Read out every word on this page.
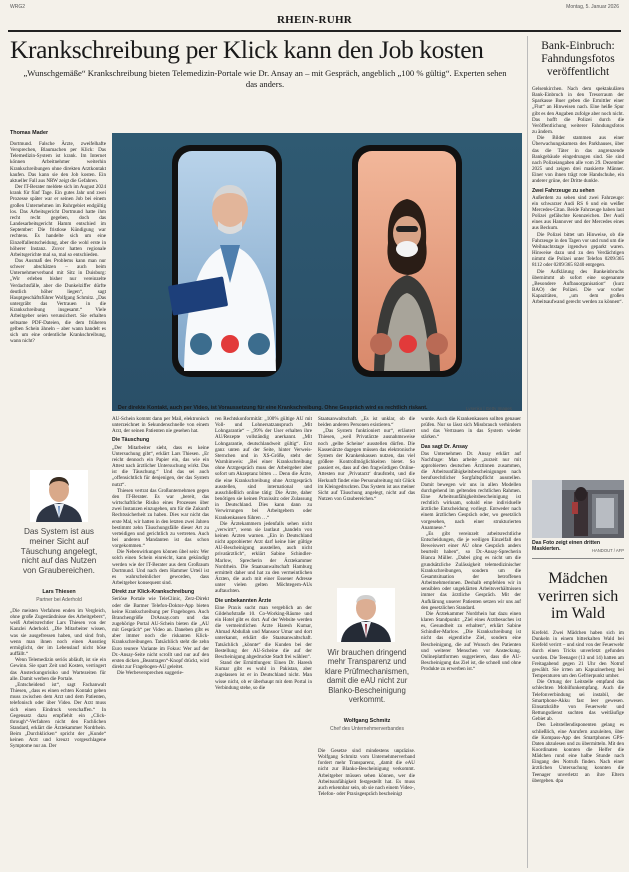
WRG2
RHEIN-RUHR
Montag, 5. Januar 2026
Krankschreibung per Klick kann den Job kosten
„Wunschgemäße“ Krankschreibung bieten Telemedizin-Portale wie Dr. Ansay an – mit Gespräch, angeblich „100 % gültig“. Experten sehen das anders.
Thomas Mader

Dortmund. Falsche Ärzte, zweifelhafte Versprechen, Blaumachen per Klick: Das Telemedizin-System ist krank. Im Internet können Arbeitnehmer weiterhin Krankschreibungen ohne direkten Arztkontakt kaufen. Das kann sie den Job kosten. Ein aktueller Fall aus NRW zeigt die Gefahren.

Der IT-Berater meldete sich im August 2024 krank für fünf Tage. Ein gutes Jahr und zwei Prozesse später war er seinen Job bei einem großen Unternehmen im Ruhrgebiet endgültig los. Das Arbeitsgericht Dortmund hatte ihm recht recht gegeben, doch das Landesarbeitsgericht Hamm entschied im September: Die fristlose Kündigung war rechtens. Es handelte sich um eine Einzelfallentscheidung, aber die wohl erste in höherer Instanz. Zuvor hatten regionale Arbeitsgerichte mal so, mal so entschieden.

Das Ausmaß des Problems kann man nur schwer abschätzen – auch beim Unternehmerverband mit Sitz in Duisburg: „Wir erleben bisher nur vereinzelte Verdachtsfälle, aber die Dunkelziffer dürfte deutlich höher liegen“, sagt Hauptgeschäftsführer Wolfgang Schmitz. „Das untergräbt das Vertrauen in die Krankschreibung insgesamt.“ Viele Arbeitgeber seien verunsichert. Sie erhalten seltsame PDF-Dateien, die dem früheren gelben Schein ähneln – aber wann handelt es sich um eine ordentliche Krankschreibung, wann nicht?

Das System ist aus meiner Sicht auf Täuschung angelegt, nicht auf das Nutzen von Graubereichen.
Lars Thiesen
Partner bei Aderhold

„Die meisten Verfahren enden im Vergleich, ohne große Zugeständnisse des Arbeitgebers“, weiß Arbeitsrechtler Lars Thiesen von der Kanzlei Aderhold. „Die Mitarbeiter wissen, was sie ausgefressen haben, und sind froh, wenn man ihnen noch einen Ausstieg ermöglicht, der im Lebenslauf nicht böse auffällt.“

Wenn Telemedizin seriös abläuft, ist sie ein Gewinn. Sie spart Zeit und Kosten, verringert das Ansteckungsrisiko und Wartezeiten für alle. Damit werben die Portale.

„Entscheidend ist“, sagt Fachanwalt Thiesen, „dass es einen echten Kontakt geben muss zwischen dem Arzt und dem Patienten, telefonisch oder über Video. Der Arzt muss sich einen Eindruck verschaffen.“ In Gegensatz dazu empfiehlt ein „Click-through“-Verfahren nicht den Fachlichen Standard, erklärt die Ärztekammer Nordrhein. Beim „Durchklicken“ spricht der „Kunde“ keinen Arzt und kreuzt vorgeschlagene Symptome nur an. Der

Der direkte Kontakt, auch per Video, ist Voraussetzung für eine Krankschreibung. Ohne Gespräch wird es rechtlich riskant.	Lysenko | Getty Images

AU-Schein kommt dann per Mail, elektronisch unterzeichnet in Sekundenschnelle von einem Arzt, der seinen Patienten nie gesehen hat.

Die Täuschung

„Der Mitarbeiter sieht, dass es keine Untersuchung gibt“, erklärt Lars Thiesen. „Er reicht dennoch ein Papier ein, das wie ein Attest nach ärztlicher Untersuchung wirkt. Das ist die Täuschung.“ Und das sei auch „offensichtlich für denjenigen, der das System nutzt“.

Thiesen vertrat das Großunternehmen gegen den IT-Berater. Es war „bereit, das wirtschaftliche Risiko eines Prozesses über zwei Instanzen einzugehen, um für die Zukunft Rechtssicherheit zu haben. Dies war nicht das erste Mal, wir hatten in den letzten zwei Jahren bestimmt zehn Täuschungsfälle dieser Art zu verteidigen und gerichtlich zu vertreten. Auch bei anderen Mandanten ist das schon vorgekommen.“

Die Nebenwirkungen können übel sein: Wer solch einen Schein einreicht, kann gekündigt werden wie der IT-Berater aus dem Großraum Dortmund. Und nach dem Hammer Urteil ist es wahrscheinlicher geworden, dass Arbeitgeber konsequent sind.

Direkt zur Klick-Krankschreibung

Seriöse Portale wie TeleClinic, Zerz-Direkt oder die Barmer Telefon-Doktor-App bieten keine Krankschreibung per Fragebogen. Auch Branchengröße DrAnsay.com und das zugehörige Portal AU-Schein bieten die „AU mit Gespräch“ per Video an. Daneben gibt es aber immer noch die riskanten Klick-Krankschreibungen. Tatsächlich steht die zehn Euro teurere Variante im Fokus: Wer auf der Dr.-Ansay-Seite nicht scrollt und nur auf den ersten dicken „Beantragen“-Knopf drückt, wird direkt zur Fragebogen-AU geleitet.

Die Werbeversprechen suggerie-

ren Rechtskonformität: „100% gültige AU mit Voll- und Lohnersatzanspruch „Mit Lohngarantie“ – „99% der User erhalten ihre AU/Rezepte vollständig anerkannt. „Mit Lohngarantie, deutschlandweit gültig“. Erst ganz unten auf der Seite, hinter Verweis-Sternchen und in XS-Größe, steht der Warnhinweis: „Bei einer Krankschreibung ohne Arztgespräch muss der Arbeitgeber aber sofort um Akzeptanz bitten … Denn die Ärzte, die eine Krankschreibung ohne Arztgespräch ausstellen, sind international und ausschließlich online tätig: Die Ärzte, daher benötigen sie keinen Praxissitz oder Zulassung in Deutschland. Dies kann dann zu Verwirrungen bei Arbeitgebern oder Krankenkassen führen …“

Die Ärztekammern jedenfalls sehen nicht „verwirrt“, wenn sie lautlaut „handeln von keinen Ärzten warnen. „Ein in Deutschland nicht approbierter Arzt darf keine hier gültige AU-Bescheinigung ausstellen, auch nicht privatärztlich“, erklärt Sabine Schindler-Marlow, Sprecherin der Ärztekammer Nordrhein. Die Staatsanwaltschaft Hamburg ermittelt daher und hat zu den vermeintlichen Ärzten, die auch mit einer Essener Adresse unter vielen gelten Möchtegern-AUs auftauchten.

Die unbekannten Ärzte

Eine Praxis sucht man vergeblich an der Gildehofstraße 10. Co-Working-Räume und ein Hotel gibt es dort. Auf der Website werden die vermeintlichen Ärzte Haresh Kumar, Ahmad Abdullah und Mansoor Umar und dort unterkannt, erklärt die Staatsanwaltschaft. Tatsächlich „könnte“ die Kunden bei der Bestellung der AU-Scheine die auf der Bescheinigung abgedruckte Stadt frei wählen“.

Stand der Ermittlungen: Einen Dr. Haresh Kumar gibt es wohl in Pakistan, aber zugelassen ist er in Deutschland nicht. Man wisse nicht, ob er überhaupt mit dem Portal in Verbindung stehe, so die

Staatsanwaltschaft. „Es ist unklar, ob die beiden anderen Personen existieren.“

„Das System funktioniert nur“, erläutert Thiesen, „weil Privatärzte ausnahmsweise noch ‚gelbe Scheine‘ ausstellen dürfen. Die Kassenärzte dagegen müssen das elektronische System der Krankenkassen nutzen, das viel größere Kontrollmöglichkeiten bietet. So passiert es, dass auf den fragwürdigen Online-Attesten nur ‚Privatarzt‘ draufsteht, und die Herkunft findet eine Personalreitung mit Glück im Kleingedruckten. Das System ist aus meiner Sicht auf Täuschung angelegt, nicht auf das Nutzen von Graubereichen.“

Wir brauchen dringend mehr Transparenz und klare Prüfmechanismen, damit die eAU nicht zur Blanko-Bescheinigung verkommt.
Wolfgang Schmitz
Chef des Unternehmerverbandes

Die Gesetze sind mindestens unpräzise. Wolfgang Schmitz vom Unternehmerverband fordert mehr Transparenz, „damit die eAU nicht zur Blanko-Bescheinigung verkommt. Arbeitgeber müssen sehen können, wer die Arbeitsunfähigkeit festgestellt hat. Es muss auch erkennbar sein, ob sie nach einem Video-, Telefon- oder Praxisgespräch bescheinigt

wurde. Auch die Krankenkassen sollten genauer prüfen. Nur so lässt sich Missbrauch verhindern und das Vertrauen in das System wieder stärken.“

Das sagt Dr. Ansay

Das Unternehmen Dr. Ansay erklärt auf Nachfrage: Man arbeite „zurzeit nur mit approbierten deutschen Ärztinnen zusammen, die Arbeitsunfähigkeitsbescheinigungen nach berufsrechtlicher Sorgfaltspflicht ausstellen. Damit bewegen wir uns in allen Modellen durchgehend im geltenden rechtlichen Rahmen. Eine Arbeitsunfähigkeitsbescheinigung ist rechtlich wirksam, sobald eine individuelle ärztliche Entscheidung vorliegt. Entweder nach einem ärztlichen Gespräch oder, wo gesetzlich vorgesehen, nach einer strukturierten Anamnese.“

„Es gibt vereinzelt arbeitsrechtliche Entscheidungen, die je weiligen Einzelfall den Beweiswert einer AU ohne Gespräch anders beurteilt haben“, so Dr.-Ansay-Sprecherin Bianca Müller. „Dabei ging es nicht um die grundsätzliche Zulässigkeit telemedizinischer Krankschreibungen, sondern um die Gesamtsituation der betroffenen Arbeitnehmerinnen. Deshalb empfehlen wir in sensiblen oder ungeklärten Arbeitsverhältnissen immer das ärztliche Gespräch. Mit der Aufklärung unserer Patienten setzen wir uns auf den gesetzlichen Standard.

Die Ärztekammer Nordrhein hat dazu einen klaren Standpunkt: „Ziel eines Arztbesuches ist es, Gesundheit zu erhalten“, erklärt Sabine Schindler-Marlow. „Die Krankschreibung ist nicht das eigentliche Ziel, sondern eine Bescheinigung, die auf Wunsch des Patienten und weiterer Menschen vor Ansteckung. Onlineplattformen suggerieren, dass die AU-Bescheinigung das Ziel ist, die schnell und ohne Produkte zu erwerben ist.“

Bank-Einbruch: Fahndungsfotos veröffentlicht

Gelsenkirchen. Nach dem spektakulären Bank-Einbruch in den Tresorraum der Sparkasse Buer geben die Ermittler einer „Flut“ an Hinweisen nach. Eine heiße Spur gibt es den Angaben zufolge aber noch nicht. Das hofft die Polizei durch die Veröffentlichung weiterer Fahndungsfotos zu ändern.

Die Bilder stammen aus einer Überwachungskamera des Parkhauses, über das die Täter in das angrenzende Bankgebäude eingedrungen sind. Sie sind nach Polizeiangaben alle vom 29. Dezember 2025 und zeigen drei maskierte Männer. Einer von ihnen trägt rote Handschuhe, ein anderer grüne, der Dritte dunkle.

Zwei Fahrzeuge zu sehen

Außerdem zu sehen sind zwei Fahrzeuge: ein schwarzer Audi RS 6 und ein weißer Mercedes-Citan. Beide Fahrzeuge haben laut Polizei gefälschte Kennzeichen. Der Audi eines aus Hannover und der Mercedes eines aus Beckum.

Die Polizei bittet um Hinweise, ob die Fahrzeuge in den Tagen vor und rund um die Weihnachtstage irgendwo geparkt waren. Hinweise dazu und zu den Verdächtigen nimmt die Polizei unter Telefon 0209/365 8112 oder 0209/365 8240 entgegen.

Die Aufklärung des Bankeinbruchs übernimmt ab sofort eine sogenannte „Besondere Aufbauorganisation“ (kurz BAO) der Polizei. Die war vorher Kapazitäten, „um dem großen Arbeitsaufwand gerecht werden zu können“.

Das Foto zeigt einen dritten Maskierten.	HANDOUT / AFP
Mädchen verirren sich im Wald

Krefeld. Zwei Mädchen haben sich im Dunkeln in einem bitterkalten Wald bei Krefeld verirrt – und sind von der Feuerwehr durch einen Tricks unverletzt gefunden worden. Die Teenager (13 und 14) hatten am Freitagabend gegen 21 Uhr den Notruf gewählt. Sie irrten am Kapuzinerberg bei Temperaturen um den Gefrierpunkt umher.

Die Ortung der Leitstelle empfand das schlechten Mobilfunkempfang. Auch die Telefonverbindung sei instabil, der Smartphone-Akku fast leer gewesen. Einsatzkräfte von Feuerwehr und Rettungsdienst suchten das weitläufige Gebiet ab.

Den Leitstellendisponenten gelang es schließlich, eine Anrufern anzuleiten, über die Kompass-App des Smartphones GPS-Daten abzulesen und zu übermitteln. Mit den Koordinaten konnten die Helfer die Mädchen rund eine halbe Stunde nach Eingang des Notrufs finden. Nach einer ärztlichen Untersuchung konnten die Teenager unverletzt an ihre Eltern übergeben. dpa
